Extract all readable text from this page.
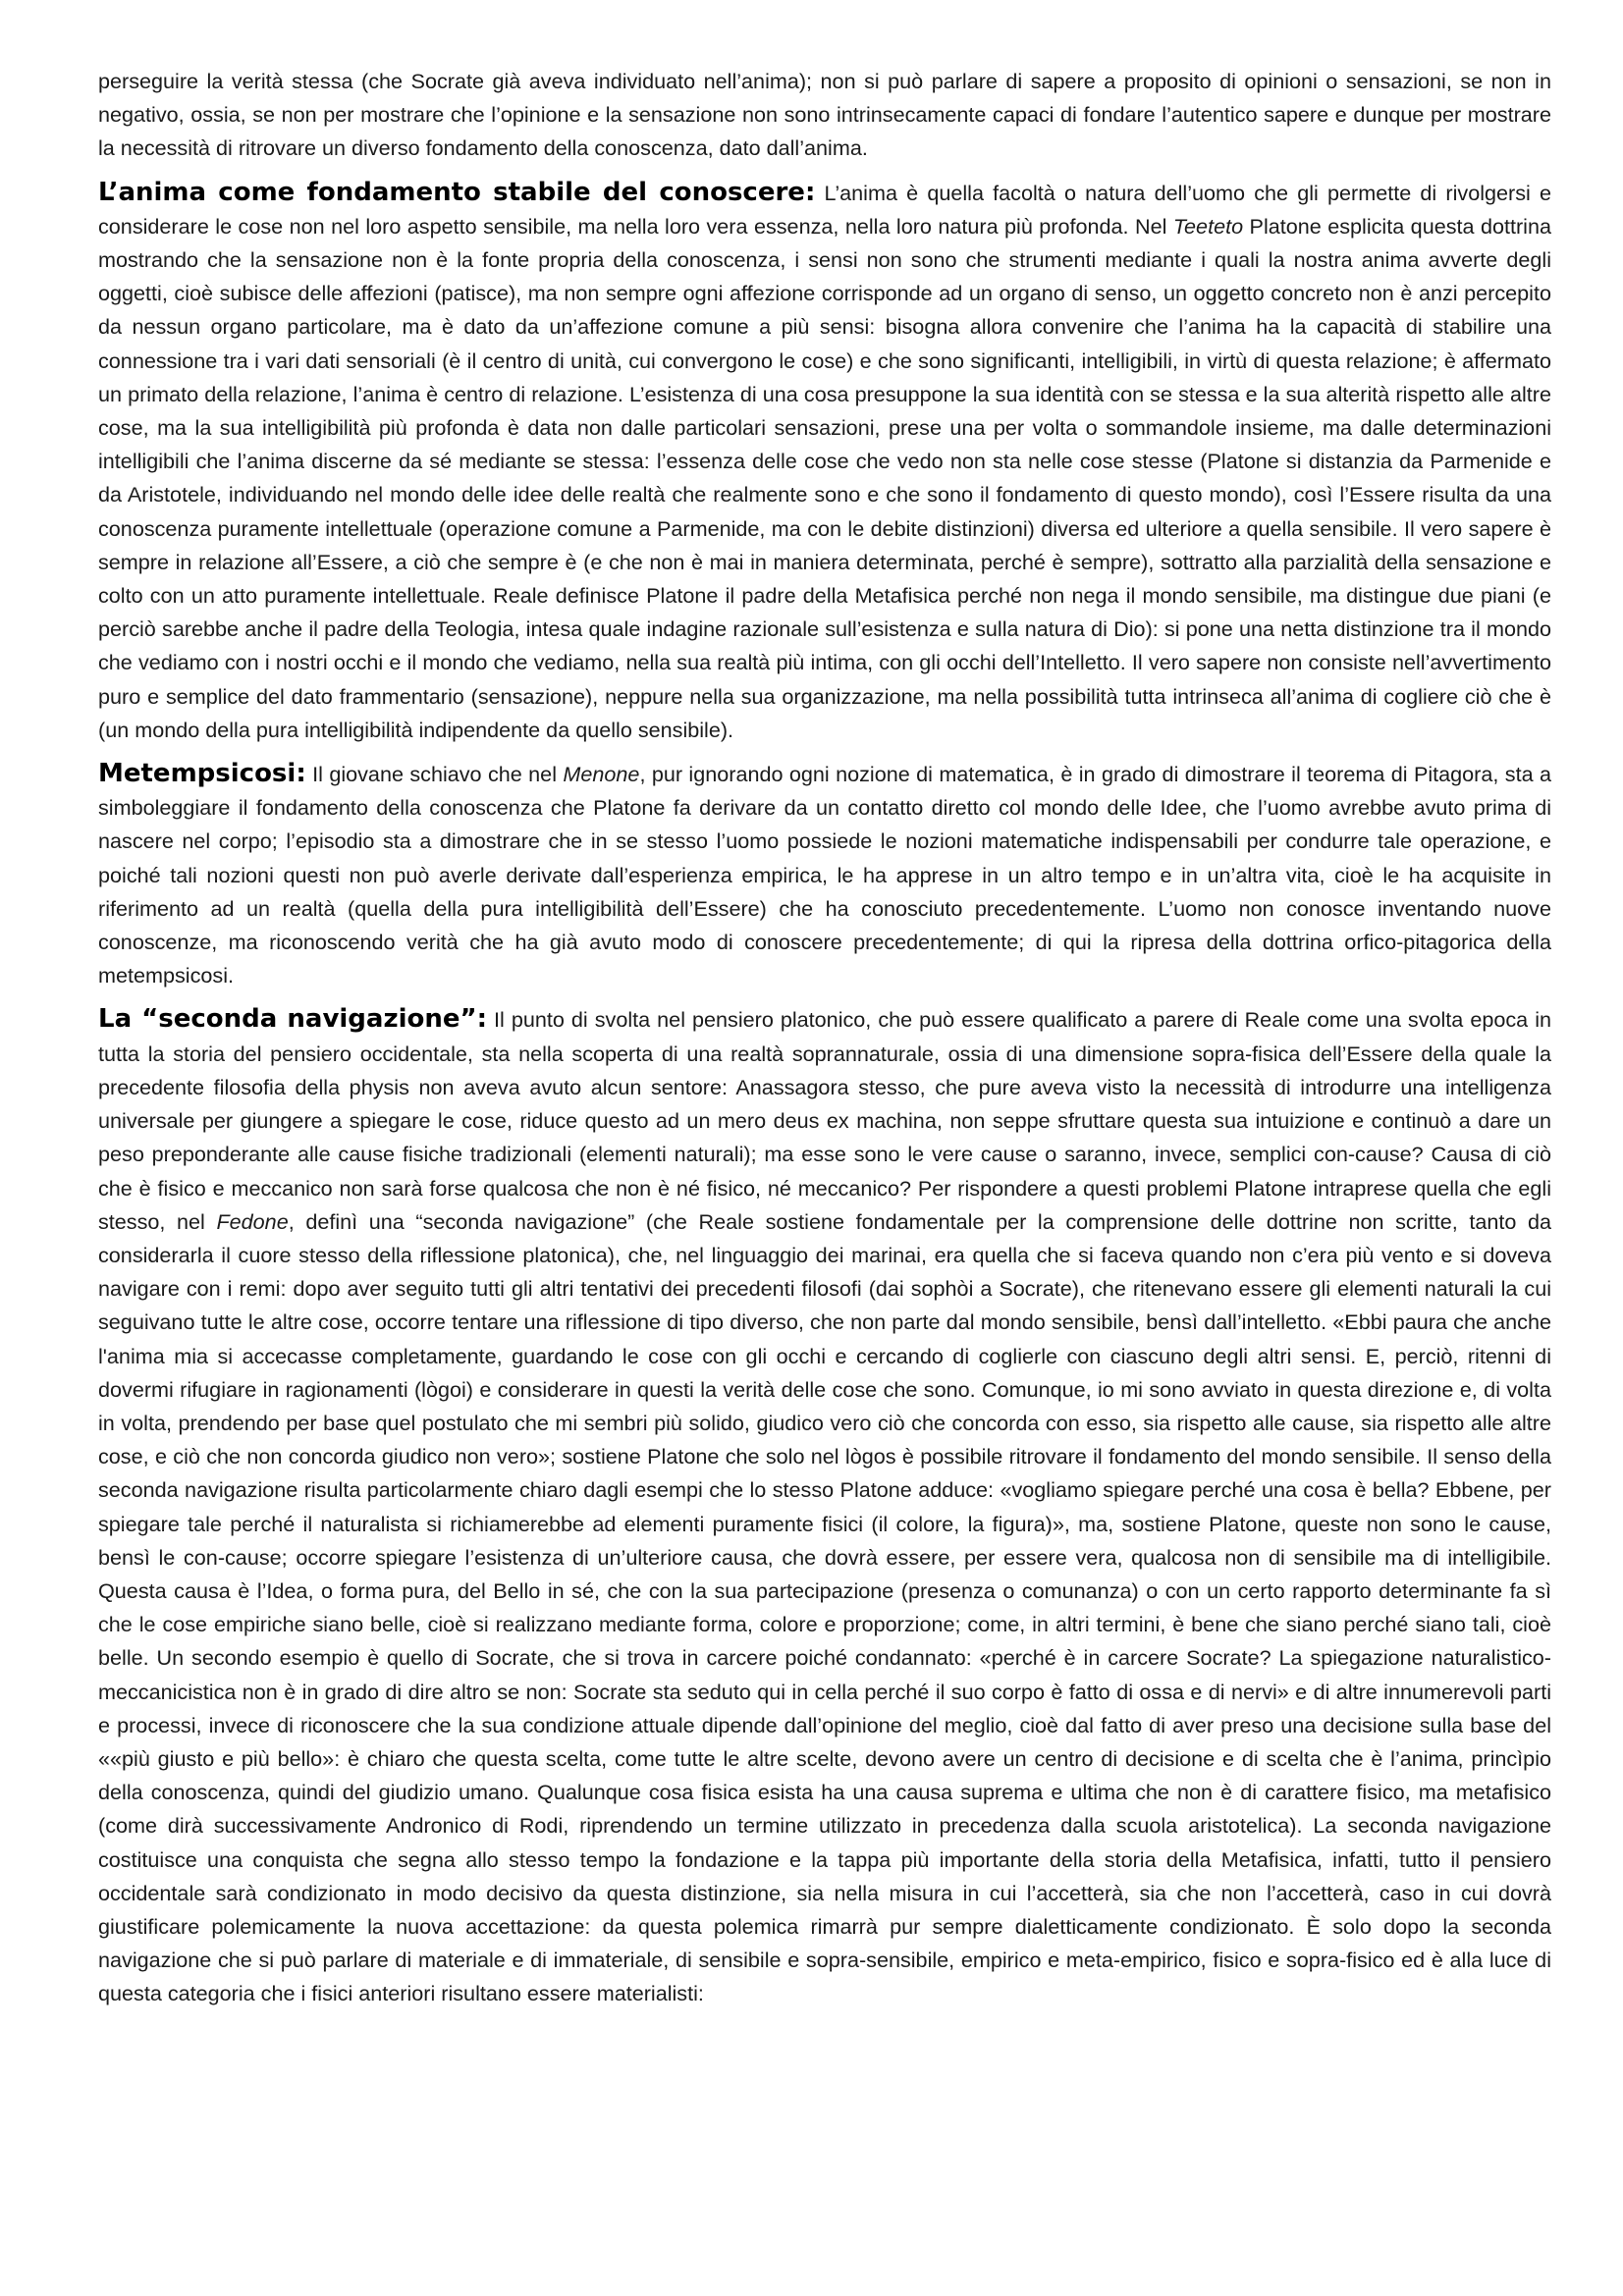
perseguire la verità stessa (che Socrate già aveva individuato nell’anima); non si può parlare di sapere a proposito di opinioni o sensazioni, se non in negativo, ossia, se non per mostrare che l’opinione e la sensazione non sono intrinsecamente capaci di fondare l’autentico sapere e dunque per mostrare la necessità di ritrovare un diverso fondamento della conoscenza, dato dall’anima.

L’anima come fondamento stabile del conoscere: L’anima è quella facoltà o natura dell’uomo che gli permette di rivolgersi e considerare le cose non nel loro aspetto sensibile, ma nella loro vera essenza, nella loro natura più profonda. Nel Teeteto Platone esplicita questa dottrina mostrando che la sensazione non è la fonte propria della conoscenza, i sensi non sono che strumenti mediante i quali la nostra anima avverte degli oggetti, cioè subisce delle affezioni (patisce), ma non sempre ogni affezione corrisponde ad un organo di senso, un oggetto concreto non è anzi percepito da nessun organo particolare, ma è dato da un’affezione comune a più sensi: bisogna allora convenire che l’anima ha la capacità di stabilire una connessione tra i vari dati sensoriali (è il centro di unità, cui convergono le cose) e che sono significanti, intelligibili, in virtù di questa relazione; è affermato un primato della relazione, l’anima è centro di relazione. L’esistenza di una cosa presuppone la sua identità con se stessa e la sua alterità rispetto alle altre cose, ma la sua intelligibilità più profonda è data non dalle particolari sensazioni, prese una per volta o sommandole insieme, ma dalle determinazioni intelligibili che l’anima discerne da sé mediante se stessa: l’essenza delle cose che vedo non sta nelle cose stesse (Platone si distanzia da Parmenide e da Aristotele, individuando nel mondo delle idee delle realtà che realmente sono e che sono il fondamento di questo mondo), così l’Essere risulta da una conoscenza puramente intellettuale (operazione comune a Parmenide, ma con le debite distinzioni) diversa ed ulteriore a quella sensibile. Il vero sapere è sempre in relazione all’Essere, a ciò che sempre è (e che non è mai in maniera determinata, perché è sempre), sottratto alla parzialità della sensazione e colto con un atto puramente intellettuale. Reale definisce Platone il padre della Metafisica perché non nega il mondo sensibile, ma distingue due piani (e perciò sarebbe anche il padre della Teologia, intesa quale indagine razionale sull’esistenza e sulla natura di Dio): si pone una netta distinzione tra il mondo che vediamo con i nostri occhi e il mondo che vediamo, nella sua realtà più intima, con gli occhi dell’Intelletto. Il vero sapere non consiste nell’avvertimento puro e semplice del dato frammentario (sensazione), neppure nella sua organizzazione, ma nella possibilità tutta intrinseca all’anima di cogliere ciò che è (un mondo della pura intelligibilità indipendente da quello sensibile).

Metempsicosi: Il giovane schiavo che nel Menone, pur ignorando ogni nozione di matematica, è in grado di dimostrare il teorema di Pitagora, sta a simboleggiare il fondamento della conoscenza che Platone fa derivare da un contatto diretto col mondo delle Idee, che l’uomo avrebbe avuto prima di nascere nel corpo; l’episodio sta a dimostrare che in se stesso l’uomo possiede le nozioni matematiche indispensabili per condurre tale operazione, e poiché tali nozioni questi non può averle derivate dall’esperienza empirica, le ha apprese in un altro tempo e in un’altra vita, cioè le ha acquisite in riferimento ad un realtà (quella della pura intelligibilità dell’Essere) che ha conosciuto precedentemente. L’uomo non conosce inventando nuove conoscenze, ma riconoscendo verità che ha già avuto modo di conoscere precedentemente; di qui la ripresa della dottrina orfico-pitagorica della metempsicosi.

La “seconda navigazione”: Il punto di svolta nel pensiero platonico, che può essere qualificato a parere di Reale come una svolta epoca in tutta la storia del pensiero occidentale, sta nella scoperta di una realtà soprannaturale, ossia di una dimensione sopra-fisica dell’Essere della quale la precedente filosofia della physis non aveva avuto alcun sentore: Anassagora stesso, che pure aveva visto la necessità di introdurre una intelligenza universale per giungere a spiegare le cose, riduce questo ad un mero deus ex machina, non seppe sfruttare questa sua intuizione e continuò a dare un peso preponderante alle cause fisiche tradizionali (elementi naturali); ma esse sono le vere cause o saranno, invece, semplici con-cause? Causa di ciò che è fisico e meccanico non sarà forse qualcosa che non è né fisico, né meccanico? Per rispondere a questi problemi Platone intraprese quella che egli stesso, nel Fedone, definì una “seconda navigazione” (che Reale sostiene fondamentale per la comprensione delle dottrine non scritte, tanto da considerarla il cuore stesso della riflessione platonica), che, nel linguaggio dei marinai, era quella che si faceva quando non c’era più vento e si doveva navigare con i remi: dopo aver seguito tutti gli altri tentativi dei precedenti filosofi (dai sophòi a Socrate), che ritenevano essere gli elementi naturali la cui seguivano tutte le altre cose, occorre tentare una riflessione di tipo diverso, che non parte dal mondo sensibile, bensì dall’intelletto. «Ebbi paura che anche l'anima mia si accecasse completamente, guardando le cose con gli occhi e cercando di coglierle con ciascuno degli altri sensi. E, perciò, ritenni di dovermi rifugiare in ragionamenti (lògoi) e considerare in questi la verità delle cose che sono. Comunque, io mi sono avviato in questa direzione e, di volta in volta, prendendo per base quel postulato che mi sembri più solido, giudico vero ciò che concorda con esso, sia rispetto alle cause, sia rispetto alle altre cose, e ciò che non concorda giudico non vero»; sostiene Platone che solo nel lògos è possibile ritrovare il fondamento del mondo sensibile. Il senso della seconda navigazione risulta particolarmente chiaro dagli esempi che lo stesso Platone adduce: «vogliamo spiegare perché una cosa è bella? Ebbene, per spiegare tale perché il naturalista si richiamerebbe ad elementi puramente fisici (il colore, la figura)», ma, sostiene Platone, queste non sono le cause, bensì le con-cause; occorre spiegare l’esistenza di un’ulteriore causa, che dovrà essere, per essere vera, qualcosa non di sensibile ma di intelligibile. Questa causa è l’Idea, o forma pura, del Bello in sé, che con la sua partecipazione (presenza o comunanza) o con un certo rapporto determinante fa sì che le cose empiriche siano belle, cioè si realizzano mediante forma, colore e proporzione; come, in altri termini, è bene che siano perché siano tali, cioè belle. Un secondo esempio è quello di Socrate, che si trova in carcere poiché condannato: «perché è in carcere Socrate? La spiegazione naturalistico-meccanicistica non è in grado di dire altro se non: Socrate sta seduto qui in cella perché il suo corpo è fatto di ossa e di nervi» e di altre innumerevoli parti e processi, invece di riconoscere che la sua condizione attuale dipende dall’opinione del meglio, cioè dal fatto di aver preso una decisione sulla base del ««più giusto e più bello»: è chiaro che questa scelta, come tutte le altre scelte, devono avere un centro di decisione e di scelta che è l’anima, princìpio della conoscenza, quindi del giudizio umano. Qualunque cosa fisica esista ha una causa suprema e ultima che non è di carattere fisico, ma metafisico (come dirà successivamente Andronico di Rodi, riprendendo un termine utilizzato in precedenza dalla scuola aristotelica). La seconda navigazione costituisce una conquista che segna allo stesso tempo la fondazione e la tappa più importante della storia della Metafisica, infatti, tutto il pensiero occidentale sarà condizionato in modo decisivo da questa distinzione, sia nella misura in cui l’accetterà, sia che non l’accetterà, caso in cui dovrà giustificare polemicamente la nuova accettazione: da questa polemica rimarrà pur sempre dialetticamente condizionato. È solo dopo la seconda navigazione che si può parlare di materiale e di immateriale, di sensibile e sopra-sensibile, empirico e meta-empirico, fisico e sopra-fisico ed è alla luce di questa categoria che i fisici anteriori risultano essere materialisti:
